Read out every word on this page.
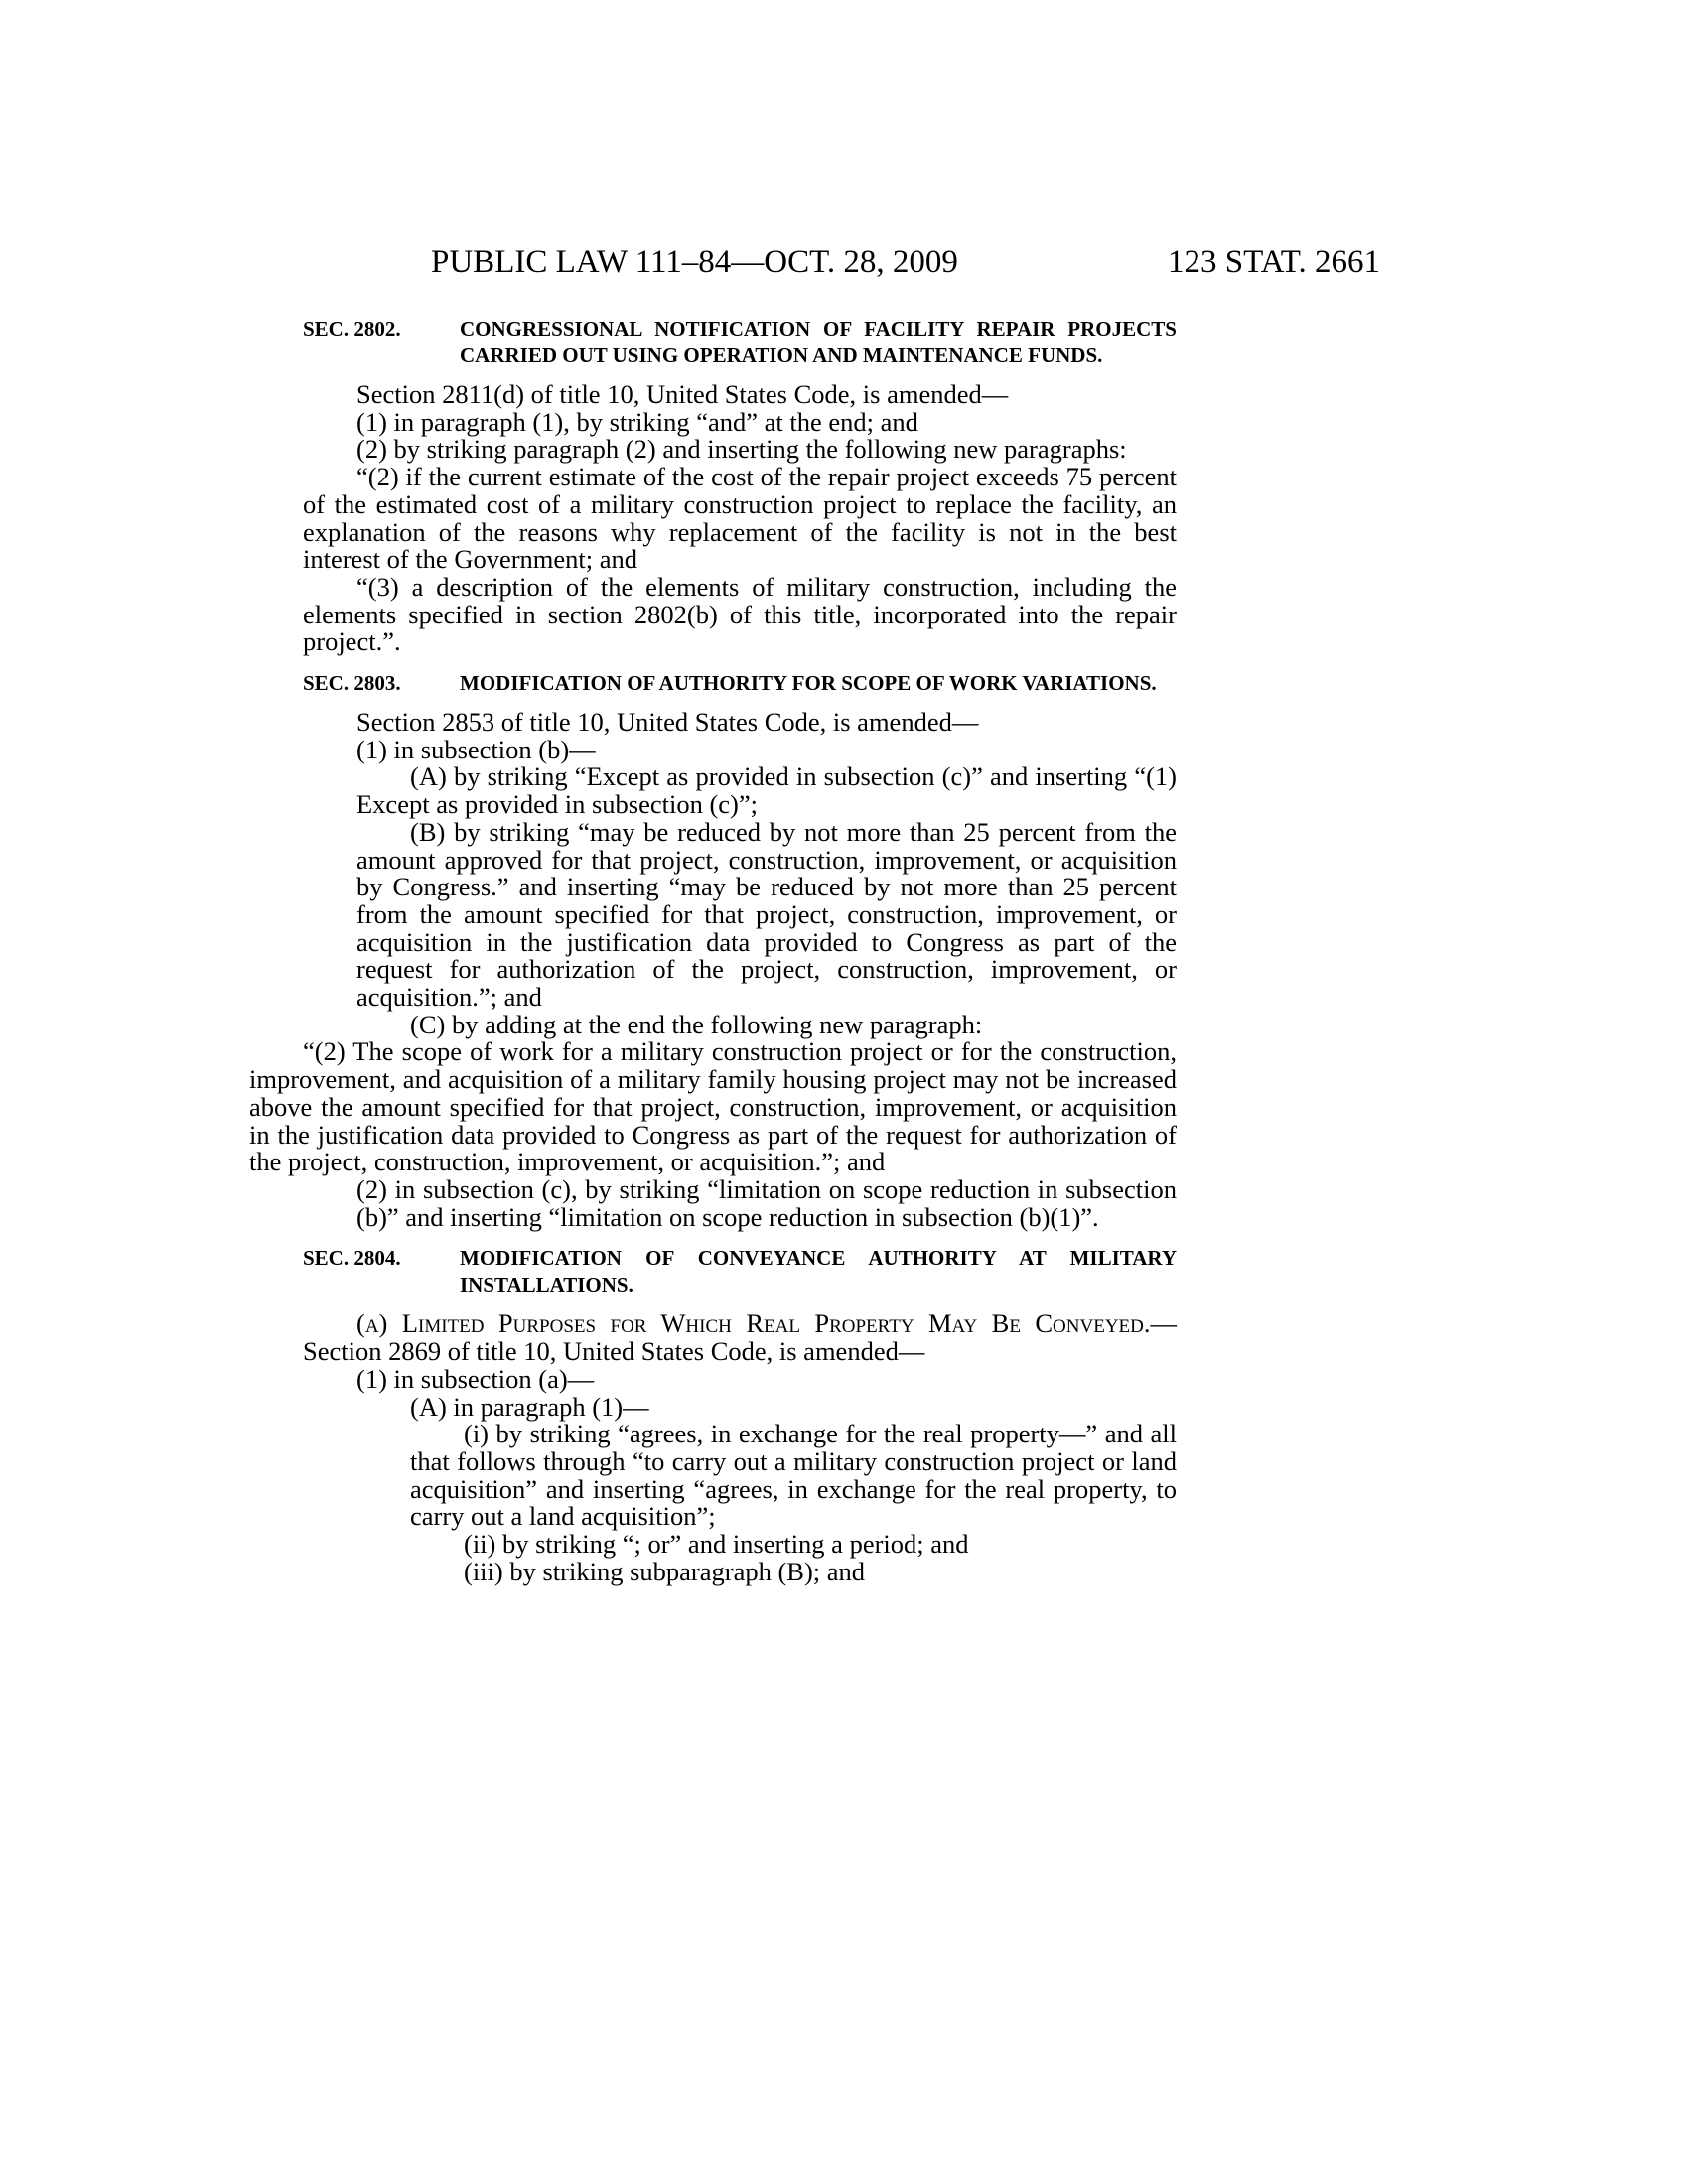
PUBLIC LAW 111–84—OCT. 28, 2009	123 STAT. 2661
SEC. 2802.	CONGRESSIONAL NOTIFICATION OF FACILITY REPAIR PROJECTS CARRIED OUT USING OPERATION AND MAINTENANCE FUNDS.

Section 2811(d) of title 10, United States Code, is amended—

(1) in paragraph (1), by striking “and” at the end; and

(2) by striking paragraph (2) and inserting the following new paragraphs:

“(2) if the current estimate of the cost of the repair project exceeds 75 percent of the estimated cost of a military construction project to replace the facility, an explanation of the reasons why replacement of the facility is not in the best interest of the Government; and

“(3) a description of the elements of military construction, including the elements specified in section 2802(b) of this title, incorporated into the repair project.”.

SEC. 2803.	MODIFICATION OF AUTHORITY FOR SCOPE OF WORK VARIATIONS.

Section 2853 of title 10, United States Code, is amended—

(1) in subsection (b)—

(A) by striking “Except as provided in subsection (c)” and inserting “(1) Except as provided in subsection (c)”;

(B) by striking “may be reduced by not more than 25 percent from the amount approved for that project, construction, improvement, or acquisition by Congress.” and inserting “may be reduced by not more than 25 percent from the amount specified for that project, construction, improvement, or acquisition in the justification data provided to Congress as part of the request for authorization of the project, construction, improvement, or acquisition.”; and

(C) by adding at the end the following new paragraph:

“(2) The scope of work for a military construction project or for the construction, improvement, and acquisition of a military family housing project may not be increased above the amount specified for that project, construction, improvement, or acquisition in the justification data provided to Congress as part of the request for authorization of the project, construction, improvement, or acquisition.”; and

(2) in subsection (c), by striking “limitation on scope reduction in subsection (b)” and inserting “limitation on scope reduction in subsection (b)(1)”.

SEC. 2804.	MODIFICATION OF CONVEYANCE AUTHORITY AT MILITARY INSTALLATIONS.

(a) Limited Purposes for Which Real Property May Be Conveyed.—Section 2869 of title 10, United States Code, is amended—

(1) in subsection (a)—

(A) in paragraph (1)—

(i) by striking “agrees, in exchange for the real property—” and all that follows through “to carry out a military construction project or land acquisition” and inserting “agrees, in exchange for the real property, to carry out a land acquisition”;

(ii) by striking “; or” and inserting a period; and

(iii) by striking subparagraph (B); and
